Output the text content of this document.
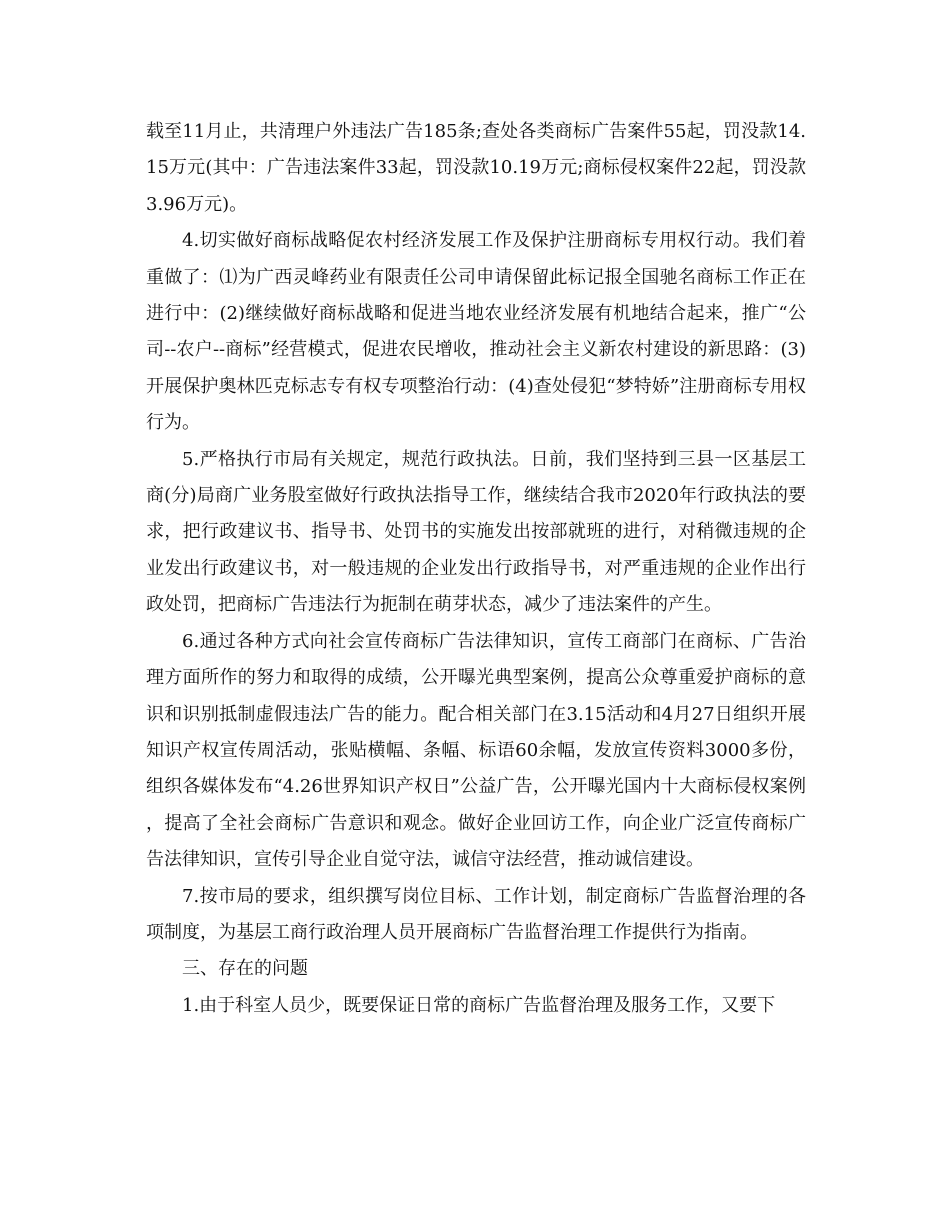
载至11月止，共清理户外违法广告185条;查处各类商标广告案件55起，罚没款14.15万元(其中：广告违法案件33起，罚没款10.19万元;商标侵权案件22起，罚没款3.96万元)。

4.切实做好商标战略促农村经济发展工作及保护注册商标专用权行动。我们着重做了：⑴为广西灵峰药业有限责任公司申请保留此标记报全国驰名商标工作正在进行中：(2)继续做好商标战略和促进当地农业经济发展有机地结合起来，推广“公司--农户--商标”经营模式，促进农民增收，推动社会主义新农村建设的新思路：(3)开展保护奥林匹克标志专有权专项整治行动：(4)查处侵犯“梦特娇”注册商标专用权行为。

5.严格执行市局有关规定，规范行政执法。日前，我们坚持到三县一区基层工商(分)局商广业务股室做好行政执法指导工作，继续结合我市2020年行政执法的要求，把行政建议书、指导书、处罚书的实施发出按部就班的进行，对稍微违规的企业发出行政建议书，对一般违规的企业发出行政指导书，对严重违规的企业作出行政处罚，把商标广告违法行为扼制在萌芽状态，减少了违法案件的产生。

6.通过各种方式向社会宣传商标广告法律知识，宣传工商部门在商标、广告治理方面所作的努力和取得的成绩，公开曝光典型案例，提高公众尊重爱护商标的意识和识别抵制虚假违法广告的能力。配合相关部门在3.15活动和4月27日组织开展知识产权宣传周活动，张贴横幅、条幅、标语60余幅，发放宣传资料3000多份，组织各媒体发布“4.26世界知识产权日”公益广告，公开曝光国内十大商标侵权案例，提高了全社会商标广告意识和观念。做好企业回访工作，向企业广泛宣传商标广告法律知识，宣传引导企业自觉守法，诚信守法经营，推动诚信建设。

7.按市局的要求，组织撰写岗位目标、工作计划，制定商标广告监督治理的各项制度，为基层工商行政治理人员开展商标广告监督治理工作提供行为指南。

三、存在的问题

1.由于科室人员少，既要保证日常的商标广告监督治理及服务工作，又要下
